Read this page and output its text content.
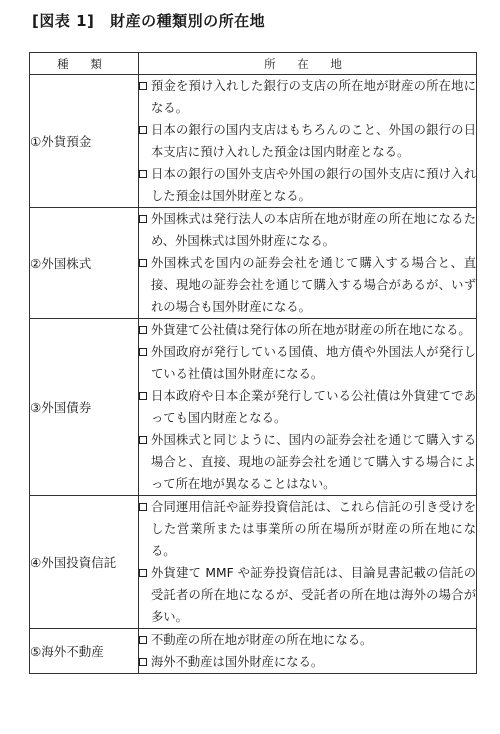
[図表 1] 財産の種類別の所在地
種 類	所 在 地
①外貨預金	預金を預け入れした銀行の支店の所在地が財産の所在地になる。
日本の銀行の国内支店はもちろんのこと、外国の銀行の日本支店に預け入れした預金は国内財産となる。
日本の銀行の国外支店や外国の銀行の国外支店に預け入れした預金は国外財産となる。

②外国株式	外国株式は発行法人の本店所在地が財産の所在地になるため、外国株式は国外財産になる。
外国株式を国内の証券会社を通じて購入する場合と、直接、現地の証券会社を通じて購入する場合があるが、いずれの場合も国外財産になる。

③外国債券	外貨建て公社債は発行体の所在地が財産の所在地になる。
外国政府が発行している国債、地方債や外国法人が発行している社債は国外財産になる。
日本政府や日本企業が発行している公社債は外貨建てであっても国内財産となる。
外国株式と同じように、国内の証券会社を通じて購入する場合と、直接、現地の証券会社を通じて購入する場合によって所在地が異なることはない。

④外国投資信託	合同運用信託や証券投資信託は、これら信託の引き受けをした営業所または事業所の所在場所が財産の所在地になる。
外貨建て MMF や証券投資信託は、目論見書記載の信託の受託者の所在地になるが、受託者の所在地は海外の場合が多い。

⑤海外不動産	不動産の所在地が財産の所在地になる。
海外不動産は国外財産になる。
